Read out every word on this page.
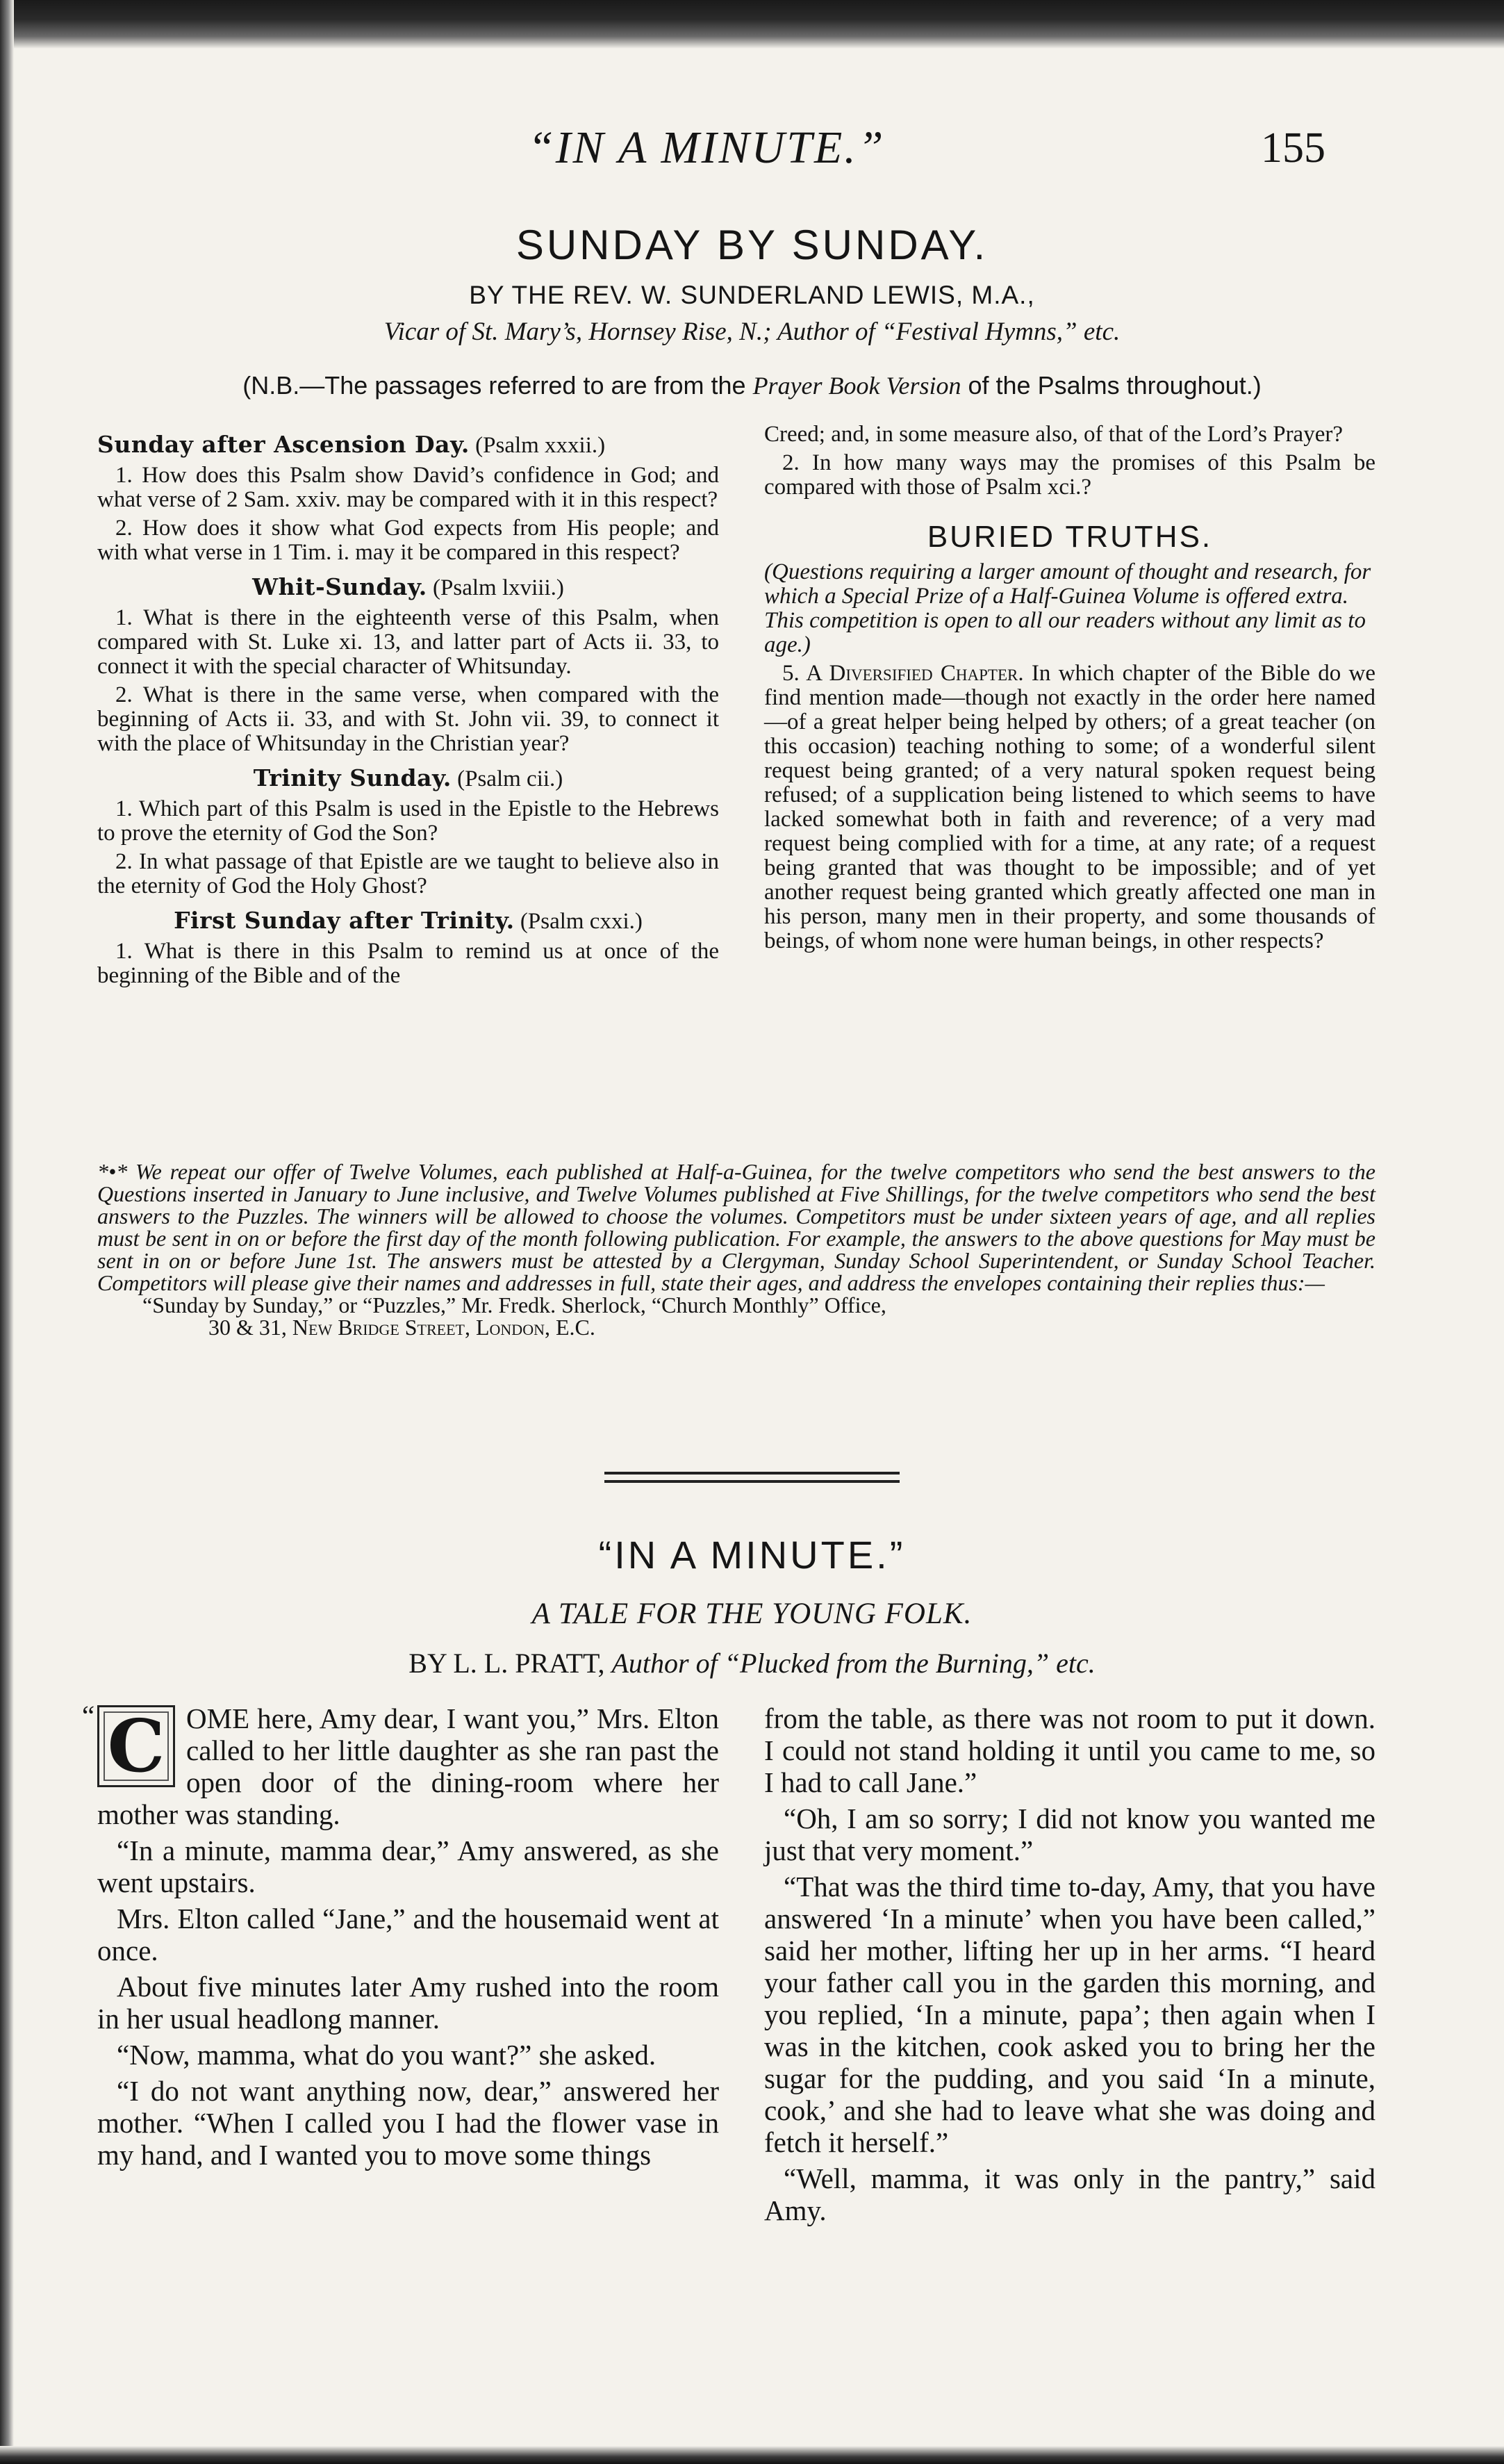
“IN A MINUTE.”	155
SUNDAY BY SUNDAY.
BY THE REV. W. SUNDERLAND LEWIS, M.A.,
Vicar of St. Mary’s, Hornsey Rise, N.; Author of “Festival Hymns,” etc.
(N.B.—The passages referred to are from the Prayer Book Version of the Psalms throughout.)
Sunday after Ascension Day. (Psalm xxxii.)

1. How does this Psalm show David’s confidence in God; and what verse of 2 Sam. xxiv. may be compared with it in this respect?

2. How does it show what God expects from His people; and with what verse in 1 Tim. i. may it be compared in this respect?

Whit-Sunday. (Psalm lxviii.)

1. What is there in the eighteenth verse of this Psalm, when compared with St. Luke xi. 13, and latter part of Acts ii. 33, to connect it with the special character of Whitsunday.

2. What is there in the same verse, when compared with the beginning of Acts ii. 33, and with St. John vii. 39, to connect it with the place of Whitsunday in the Christian year?

Trinity Sunday. (Psalm cii.)

1. Which part of this Psalm is used in the Epistle to the Hebrews to prove the eternity of God the Son?

2. In what passage of that Epistle are we taught to believe also in the eternity of God the Holy Ghost?

First Sunday after Trinity. (Psalm cxxi.)

1. What is there in this Psalm to remind us at once of the beginning of the Bible and of the

Creed; and, in some measure also, of that of the Lord’s Prayer?

2. In how many ways may the promises of this Psalm be compared with those of Psalm xci.?

BURIED TRUTHS.

(Questions requiring a larger amount of thought and research, for which a Special Prize of a Half-Guinea Volume is offered extra. This competition is open to all our readers without any limit as to age.)

5. A Diversified Chapter. In which chapter of the Bible do we find mention made—though not exactly in the order here named—of a great helper being helped by others; of a great teacher (on this occasion) teaching nothing to some; of a wonderful silent request being granted; of a very natural spoken request being refused; of a supplication being listened to which seems to have lacked somewhat both in faith and reverence; of a very mad request being complied with for a time, at any rate; of a request being granted that was thought to be impossible; and of yet another request being granted which greatly affected one man in his person, many men in their property, and some thousands of beings, of whom none were human beings, in other respects?

*•* We repeat our offer of Twelve Volumes, each published at Half-a-Guinea, for the twelve competitors who send the best answers to the Questions inserted in January to June inclusive, and Twelve Volumes published at Five Shillings, for the twelve competitors who send the best answers to the Puzzles. The winners will be allowed to choose the volumes. Competitors must be under sixteen years of age, and all replies must be sent in on or before the first day of the month following publication. For example, the answers to the above questions for May must be sent in on or before June 1st. The answers must be attested by a Clergyman, Sunday School Superintendent, or Sunday School Teacher. Competitors will please give their names and addresses in full, state their ages, and address the envelopes containing their replies thus:—

“Sunday by Sunday,” or “Puzzles,” Mr. Fredk. Sherlock, “Church Monthly” Office,
30 & 31, New Bridge Street, London, E.C.
“IN A MINUTE.”
A TALE FOR THE YOUNG FOLK.
BY L. L. PRATT, Author of “Plucked from the Burning,” etc.

“ C OME here, Amy dear, I want you,” Mrs. Elton called to her little daughter as she ran past the open door of the dining-room where her mother was standing.

“In a minute, mamma dear,” Amy answered, as she went upstairs.

Mrs. Elton called “Jane,” and the housemaid went at once.

About five minutes later Amy rushed into the room in her usual headlong manner.

“Now, mamma, what do you want?” she asked.

“I do not want anything now, dear,” answered her mother. “When I called you I had the flower vase in my hand, and I wanted you to move some things

from the table, as there was not room to put it down. I could not stand holding it until you came to me, so I had to call Jane.”

“Oh, I am so sorry; I did not know you wanted me just that very moment.”

“That was the third time to-day, Amy, that you have answered ‘In a minute’ when you have been called,” said her mother, lifting her up in her arms. “I heard your father call you in the garden this morning, and you replied, ‘In a minute, papa’; then again when I was in the kitchen, cook asked you to bring her the sugar for the pudding, and you said ‘In a minute, cook,’ and she had to leave what she was doing and fetch it herself.”

“Well, mamma, it was only in the pantry,” said Amy.
